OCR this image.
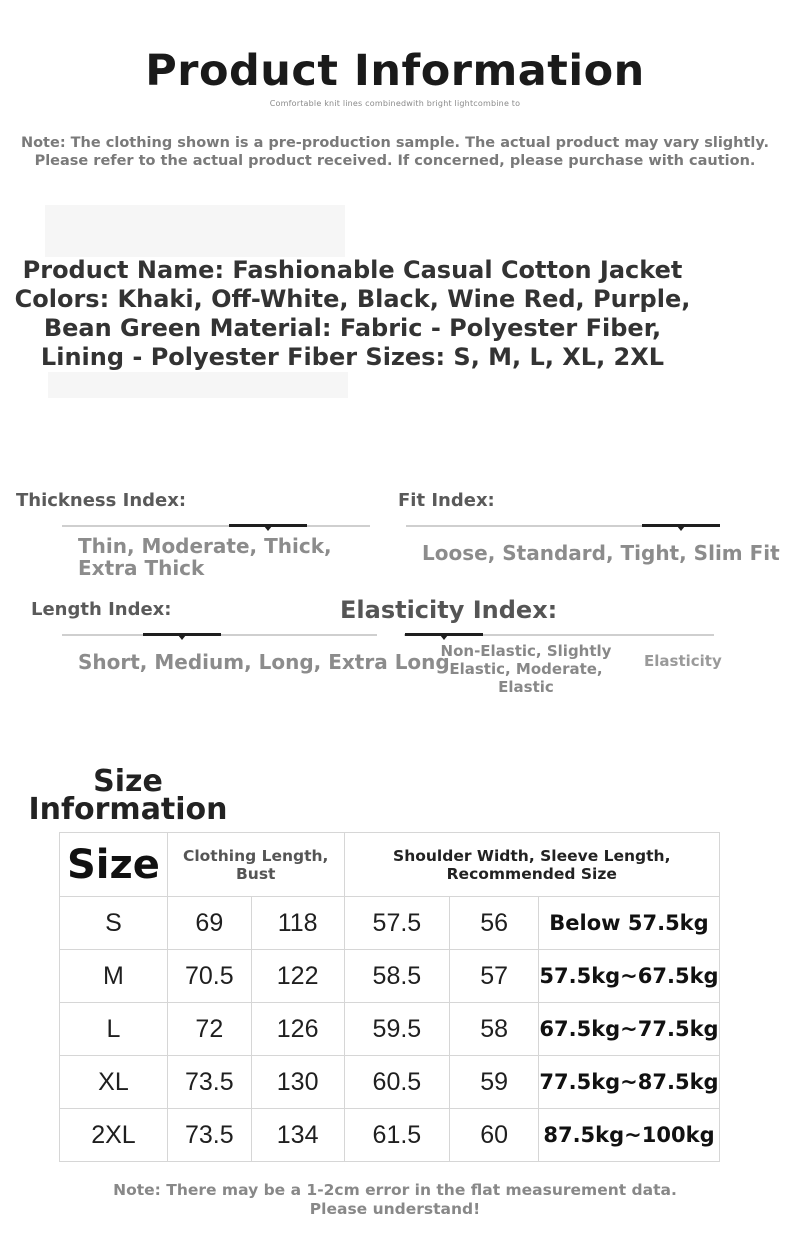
Product Information
Comfortable knit lines combinedwith bright lightcombine to
Note: The clothing shown is a pre-production sample. The actual product may vary slightly.
Please refer to the actual product received. If concerned, please purchase with caution.
Product Name: Fashionable Casual Cotton Jacket
Colors: Khaki, Off-White, Black, Wine Red, Purple,
Bean Green Material: Fabric - Polyester Fiber,
Lining - Polyester Fiber Sizes: S, M, L, XL, 2XL
Thickness Index:
Thin, Moderate, Thick, Extra Thick
Fit Index:
Loose, Standard, Tight, Slim Fit
Length Index:
Short, Medium, Long, Extra Long
Elasticity Index:
Non-Elastic, Slightly Elastic, Moderate, Elastic
Elasticity
Size
Information
Size	Clothing Length, Bust		Shoulder Width, Sleeve Length, Recommended Size		
S	69	118	57.5	56	Below 57.5kg
M	70.5	122	58.5	57	57.5kg~67.5kg
L	72	126	59.5	58	67.5kg~77.5kg
XL	73.5	130	60.5	59	77.5kg~87.5kg
2XL	73.5	134	61.5	60	87.5kg~100kg
Note: There may be a 1-2cm error in the flat measurement data.
Please understand!
